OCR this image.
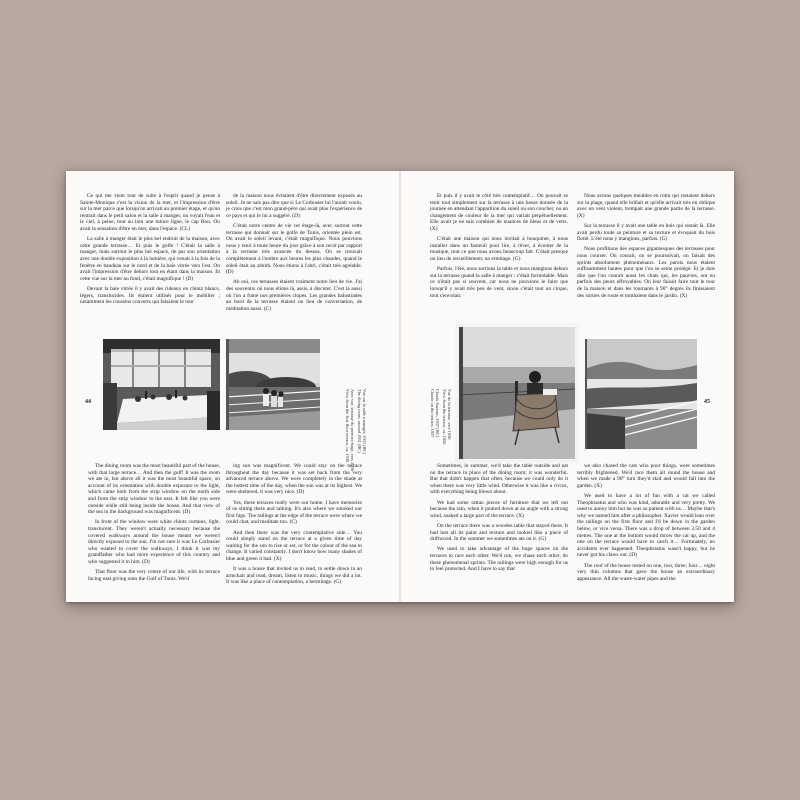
Ce qui me vient tout de suite à l'esprit quand je pense à Sainte-Monique c'est la vision de la mer, et l'impression d'être sur la mer parce que lorsqu'on arrivait au premier étage, et qu'on rentrait dans le petit salon et la salle à manger, on voyait l'eau et le ciel, à peine, tout au loin une mince ligne, le cap Bon. On avait la sensation d'être en mer, dans l'espace. (CL)

La salle à manger était le plus bel endroit de la maison, avec cette grande terrasse… Et puis le golfe ! C'était la salle à manger, mais surtout le plus bel espace, de par son orientation avec une double exposition à la lumière, qui venait à la fois de la fenêtre en bandeau sur le nord et de la baie vitrée vers l'est. On avait l'impression d'être dehors tout en étant dans la maison. Et cette vue sur la mer au fond, c'était magnifique ! (D)

Devant la baie vitrée il y avait des rideaux en chintz blancs, légers, translucides. Ils étaient utilisés pour le mobilier ; notamment les coussins couverts qui faisaient le tour

de la maison nous évitaient d'être directement exposés au soleil. Je ne sais pas dire que si Le Corbusier lui l'aurait voulu, je crois que c'est mon grand-père qui avait plus l'expérience de ce pays et qui le lui a suggéré. (D)

C'était notre centre de vie cet étage-là, avec surtout cette terrasse qui donnait sur le golfe de Tunis, orientée plein est. On avait le soleil levant, c'était magnifique. Nous pouvions nous y tenir à toute heure du jour grâce à son recul par rapport à la terrasse très avancée du dessus. On se trouvait complètement à l'ombre aux heures les plus chaudes, quand le soleil était au zénith. Nous étions à l'abri, c'était très agréable. (D)

Ah oui, ces terrasses étaient vraiment notre lieu de vie. J'ai des souvenirs où nous étions là, assis, à discuter. C'est là aussi où l'on a fumé nos premières clopes. Les grandes balustrades au bord de la terrasse étaient un lieu de conversation, de méditation aussi. (C)

Vue sur la salle à manger, 1931 (BC)
The dining room, around 1931 (BC)
Avec vue, terrasse du premier étage, vers 1936
View from the first floor terrace, ca. 1936
44

The dining room was the most beautiful part of the house, with that large terrace… And then the gulf! It was the room we ate in, but above all it was the most beautiful space, on account of its orientation with double exposure to the light, which came both from the strip window on the north side and from the strip window to the east. It felt like you were outside while still being inside the house. And that view of the sea in the background was magnificent. (D)

In front of the window were white chintz curtains, light, translucent. They weren't actually necessary because the covered walkways around the house meant we weren't directly exposed to the sun. I'm not sure it was Le Corbusier who wanted to cover the walkways, I think it was my grandfather who had more experience of this country and who suggested it to him. (D)

That floor was the very centre of our life, with its terrace facing east giving onto the Gulf of Tunis. We'd

ing sun was magnificent. We could stay on the terrace throughout the day because it was set back from the very advanced terrace above. We were completely in the shade at the hottest time of the day, when the sun was at its highest. We were sheltered, it was very nice. (D)

Yes, these terraces really were our home. I have memories of us sitting there and talking. It's also where we smoked our first fags. The railings at the edge of the terrace were where we could chat, and meditate too. (C)

And then there was the very contemplative side… You could simply stand on the terrace at a given time of day waiting for the sun to rise or set, or for the colour of the sea to change. It varied constantly. I don't know how many shades of blue and green it had. (X)

It was a house that invited us to read, to settle down in an armchair and read, dream, listen to music, things we did a lot. It was like a place of contemplation, a hermitage. (G)

Et puis il y avait le côté très contemplatif… On pouvait se tenir tout simplement sur la terrasse à une heure donnée de la journée en attendant l'apparition du soleil ou son coucher, ou un changement de couleur de la mer qui variait perpétuellement. Elle avait je ne sais combien de nuances de bleus et de verts. (X)

C'était une maison qui nous invitait à bouquiner, à nous installer dans un fauteuil pour lire, à rêver, à écouter de la musique, tout ce que nous avons beaucoup fait. C'était presque un lieu de recueillement, un ermitage. (G)

Parfois, l'été, nous sortions la table et nous mangions dehors sur la terrasse quand la salle à manger : c'était formidable. Mais ce n'était pas si souvent, car nous ne pouvions le faire que lorsqu'il y avait très peu de vent, sinon c'était tout un cirque, tout s'envolait.

Nous avions quelques meubles en rotin qui restaient dehors sur la plage, quand elle brûlait et qu'elle arrivait très en oblique avec un vent violent, trempait une grande partie de la terrasse. (X)

Sur la terrasse il y avait une table en bois qui restait là. Elle avait perdu toute sa peinture et sa texture et évoquait du bois flotté. L'été nous y mangions, parfois. (G)

Nous profitions des espaces gigantesques des terrasses pour nous courser. On courait, on se poursuivait, on faisait des sprints absolument phénoménaux. Les parois nous étaient suffisamment hautes pour que l'on se sente protégé. Et je dois dire que l'on courait aussi les chats qui, les pauvres, ont eu parfois des peurs effroyables. On leur faisait faire tout le tour de la maison et dans les tournants à 90° degrés ils finissaient des sorties de route et tombaient dans le jardin. (X)

Claude Sazerac, 1937 (BC)
Claude on the terrace, 1937	Vue de la terrasse, vers 1950
View from the terrace, ca. 1950	45

Sometimes, in summer, we'd take the table outside and eat on the terrace in place of the dining room; it was wonderful. But that didn't happen that often, because we could only do it when there was very little wind. Otherwise it was like a circus, with everything being blown about.

We had some rattan pieces of furniture that we left out because the rain, when it poured down at an angle with a strong wind, soaked a large part of the terrace. (X)

On the terrace there was a wooden table that stayed there. It had lost all its paint and texture and looked like a piece of driftwood. In the summer we sometimes ate on it. (G)

We used to take advantage of the huge spaces on the terraces to race each other. We'd run, we chase each other, do these phenomenal sprints. The railings were high enough for us to feel protected. And I have to say that

we also chased the cats who poor things, were sometimes terribly frightened. We'd race them all round the house and when we made a 90° turn they'd skid and would fall into the garden. (X)

We used to have a lot of fun with a cat we called Theophrastus and who was kind, adorable and very pretty. We used to annoy him but he was so patient with us… Maybe that's why we named him after a philosopher. Xavier would lean over the railings on the first floor and I'd be down in the garden below, or vice versa. There was a drop of between 3.50 and 4 metres. The one at the bottom would throw the cat up, and the one on the terrace would have to catch it… Fortunately, no accidents ever happened. Theophrastus wasn't happy, but he never got his claws out. (D)

The roof of the house rested on one, two, three, four… eight very thin columns that gave the house an extraordinary appearance. All the waste-water pipes and the
